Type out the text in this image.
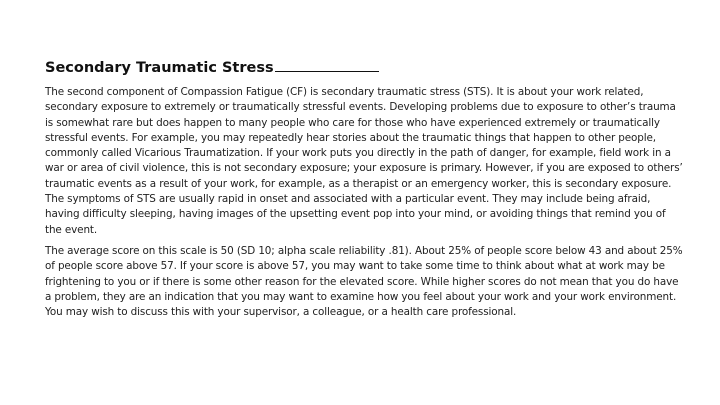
Secondary Traumatic Stress

The second component of Compassion Fatigue (CF) is secondary traumatic stress (STS). It is about your work related, secondary exposure to extremely or traumatically stressful events. Developing problems due to exposure to other’s trauma is somewhat rare but does happen to many people who care for those who have experienced extremely or traumatically stressful events. For example, you may repeatedly hear stories about the traumatic things that happen to other people, commonly called Vicarious Traumatization. If your work puts you directly in the path of danger, for example, field work in a war or area of civil violence, this is not secondary exposure; your exposure is primary. However, if you are exposed to others’ traumatic events as a result of your work, for example, as a therapist or an emergency worker, this is secondary exposure. The symptoms of STS are usually rapid in onset and associated with a particular event. They may include being afraid, having difficulty sleeping, having images of the upsetting event pop into your mind, or avoiding things that remind you of the event.

The average score on this scale is 50 (SD 10; alpha scale reliability .81). About 25% of people score below 43 and about 25% of people score above 57. If your score is above 57, you may want to take some time to think about what at work may be frightening to you or if there is some other reason for the elevated score. While higher scores do not mean that you do have a problem, they are an indication that you may want to examine how you feel about your work and your work environment. You may wish to discuss this with your supervisor, a colleague, or a health care professional.
